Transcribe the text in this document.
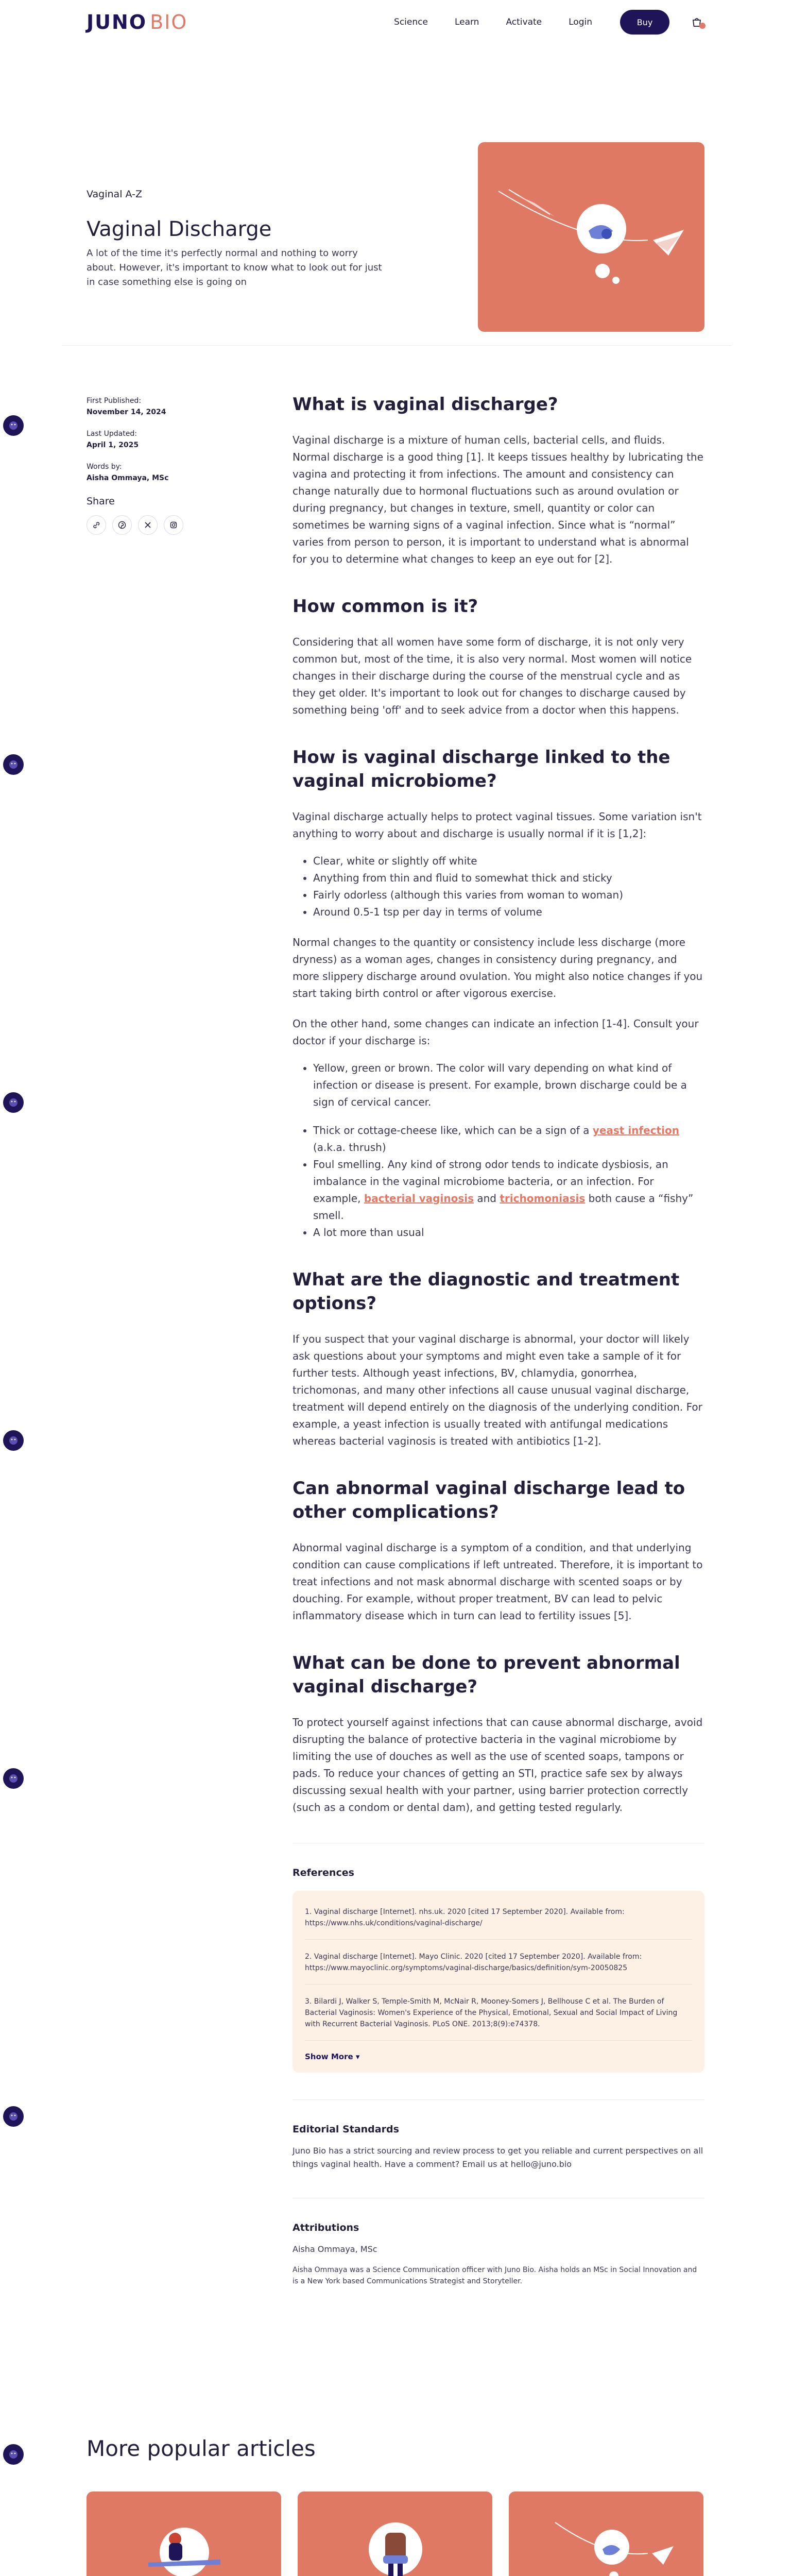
JUNO BIO	Science	Learn	Activate	Login	Buy
Vaginal A-Z
Vaginal Discharge

A lot of the time it's perfectly normal and nothing to worry about. However, it's important to know what to look out for just in case something else is going on

First Published:
November 14, 2024
Last Updated:
April 1, 2025
Words by:
Aisha Ommaya, MSc
Share
What is vaginal discharge?

Vaginal discharge is a mixture of human cells, bacterial cells, and fluids. Normal discharge is a good thing [1]. It keeps tissues healthy by lubricating the vagina and protecting it from infections. The amount and consistency can change naturally due to hormonal fluctuations such as around ovulation or during pregnancy, but changes in texture, smell, quantity or color can sometimes be warning signs of a vaginal infection. Since what is “normal” varies from person to person, it is important to understand what is abnormal for you to determine what changes to keep an eye out for [2].

How common is it?

Considering that all women have some form of discharge, it is not only very common but, most of the time, it is also very normal. Most women will notice changes in their discharge during the course of the menstrual cycle and as they get older. It's important to look out for changes to discharge caused by something being 'off' and to seek advice from a doctor when this happens.

How is vaginal discharge linked to the vaginal microbiome?

Vaginal discharge actually helps to protect vaginal tissues. Some variation isn't anything to worry about and discharge is usually normal if it is [1,2]:

• Clear, white or slightly off white
• Anything from thin and fluid to somewhat thick and sticky
• Fairly odorless (although this varies from woman to woman)
• Around 0.5-1 tsp per day in terms of volume

Normal changes to the quantity or consistency include less discharge (more dryness) as a woman ages, changes in consistency during pregnancy, and more slippery discharge around ovulation. You might also notice changes if you start taking birth control or after vigorous exercise.

On the other hand, some changes can indicate an infection [1-4]. Consult your doctor if your discharge is:

• Yellow, green or brown. The color will vary depending on what kind of infection or disease is present. For example, brown discharge could be a sign of cervical cancer.
• Thick or cottage-cheese like, which can be a sign of a yeast infection (a.k.a. thrush)
• Foul smelling. Any kind of strong odor tends to indicate dysbiosis, an imbalance in the vaginal microbiome bacteria, or an infection. For example, bacterial vaginosis and trichomoniasis both cause a “fishy” smell.
• A lot more than usual
What are the diagnostic and treatment options?

If you suspect that your vaginal discharge is abnormal, your doctor will likely ask questions about your symptoms and might even take a sample of it for further tests. Although yeast infections, BV, chlamydia, gonorrhea, trichomonas, and many other infections all cause unusual vaginal discharge, treatment will depend entirely on the diagnosis of the underlying condition. For example, a yeast infection is usually treated with antifungal medications whereas bacterial vaginosis is treated with antibiotics [1-2].

Can abnormal vaginal discharge lead to other complications?

Abnormal vaginal discharge is a symptom of a condition, and that underlying condition can cause complications if left untreated. Therefore, it is important to treat infections and not mask abnormal discharge with scented soaps or by douching. For example, without proper treatment, BV can lead to pelvic inflammatory disease which in turn can lead to fertility issues [5].

What can be done to prevent abnormal vaginal discharge?

To protect yourself against infections that can cause abnormal discharge, avoid disrupting the balance of protective bacteria in the vaginal microbiome by limiting the use of douches as well as the use of scented soaps, tampons or pads. To reduce your chances of getting an STI, practice safe sex by always discussing sexual health with your partner, using barrier protection correctly (such as a condom or dental dam), and getting tested regularly.

References
1. Vaginal discharge [Internet]. nhs.uk. 2020 [cited 17 September 2020]. Available from: https://www.nhs.uk/conditions/vaginal-discharge/
2. Vaginal discharge [Internet]. Mayo Clinic. 2020 [cited 17 September 2020]. Available from: https://www.mayoclinic.org/symptoms/vaginal-discharge/basics/definition/sym-20050825
3. Bilardi J, Walker S, Temple-Smith M, McNair R, Mooney-Somers J, Bellhouse C et al. The Burden of Bacterial Vaginosis: Women's Experience of the Physical, Emotional, Sexual and Social Impact of Living with Recurrent Bacterial Vaginosis. PLoS ONE. 2013;8(9):e74378.
Show More ▾
Editorial Standards
Juno Bio has a strict sourcing and review process to get you reliable and current perspectives on all things vaginal health. Have a comment? Email us at hello@juno.bio
Attributions
Aisha Ommaya, MSc
Aisha Ommaya was a Science Communication officer with Juno Bio. Aisha holds an MSc in Social Innovation and is a New York based Communications Strategist and Storyteller.
More popular articles
